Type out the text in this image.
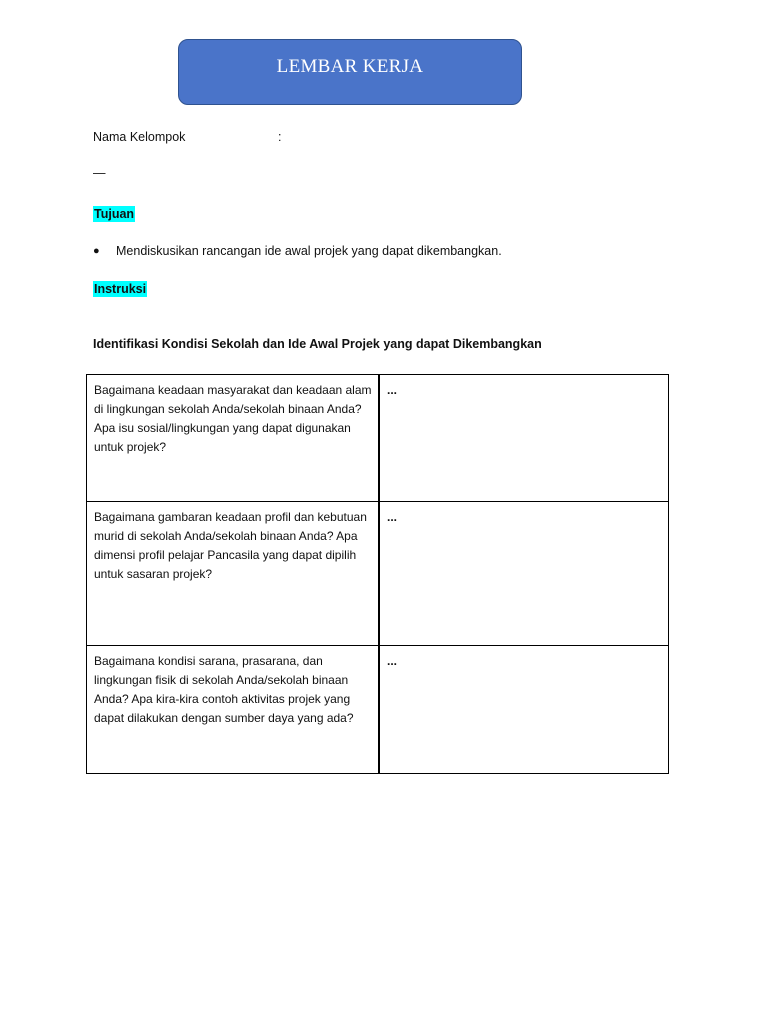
LEMBAR KERJA
Nama Kelompok	:
—
Tujuan
●	Mendiskusikan rancangan ide awal projek yang dapat dikembangkan.
Instruksi
Identifikasi Kondisi Sekolah dan Ide Awal Projek yang dapat Dikembangkan
Bagaimana keadaan masyarakat dan keadaan alam di lingkungan sekolah Anda/sekolah binaan Anda? Apa isu sosial/lingkungan yang dapat digunakan untuk projek?	...
Bagaimana gambaran keadaan profil dan kebutuan murid di sekolah Anda/sekolah binaan Anda? Apa dimensi profil pelajar Pancasila yang dapat dipilih untuk sasaran projek?	...
Bagaimana kondisi sarana, prasarana, dan lingkungan fisik di sekolah Anda/sekolah binaan Anda? Apa kira-kira contoh aktivitas projek yang dapat dilakukan dengan sumber daya yang ada?	...
